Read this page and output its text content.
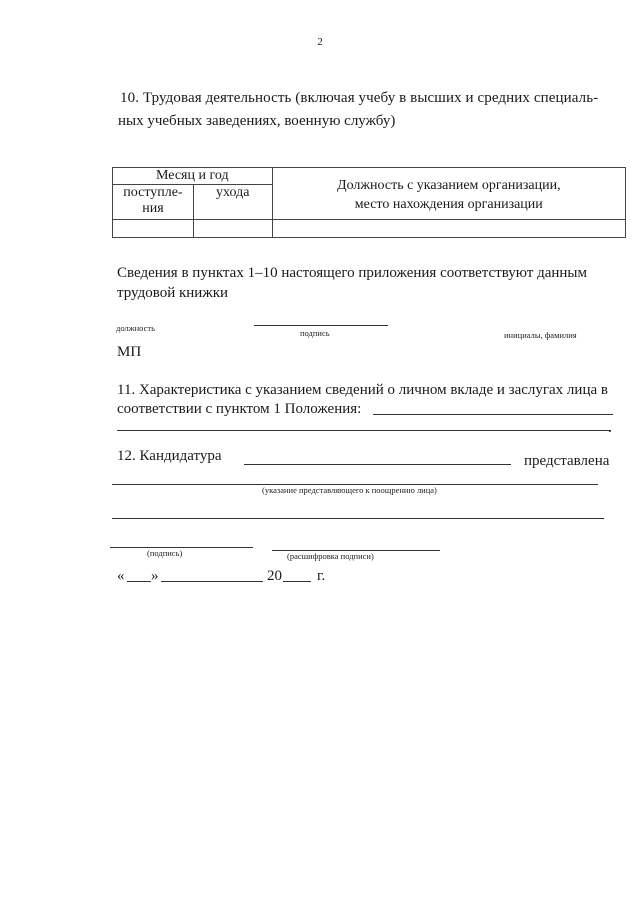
2
10. Трудовая деятельность (включая учебу в высших и средних специаль-
ных учебных заведениях, военную службу)
Месяц и год		Должность с указанием организации,
место нахождения организации

поступле-
ния	ухода	

Сведения в пунктах 1–10 настоящего приложения соответствуют данным
трудовой книжки
должность	подпись	инициалы, фамилия
МП
11. Характеристика с указанием сведений о личном вкладе и заслугах лица в
соответствии с пунктом 1 Положения:
.
12. Кандидатура	представлена
(указание представляющего к поощрению лица)
(подпись)	(расшифровка подписи)
« »	20 г.
